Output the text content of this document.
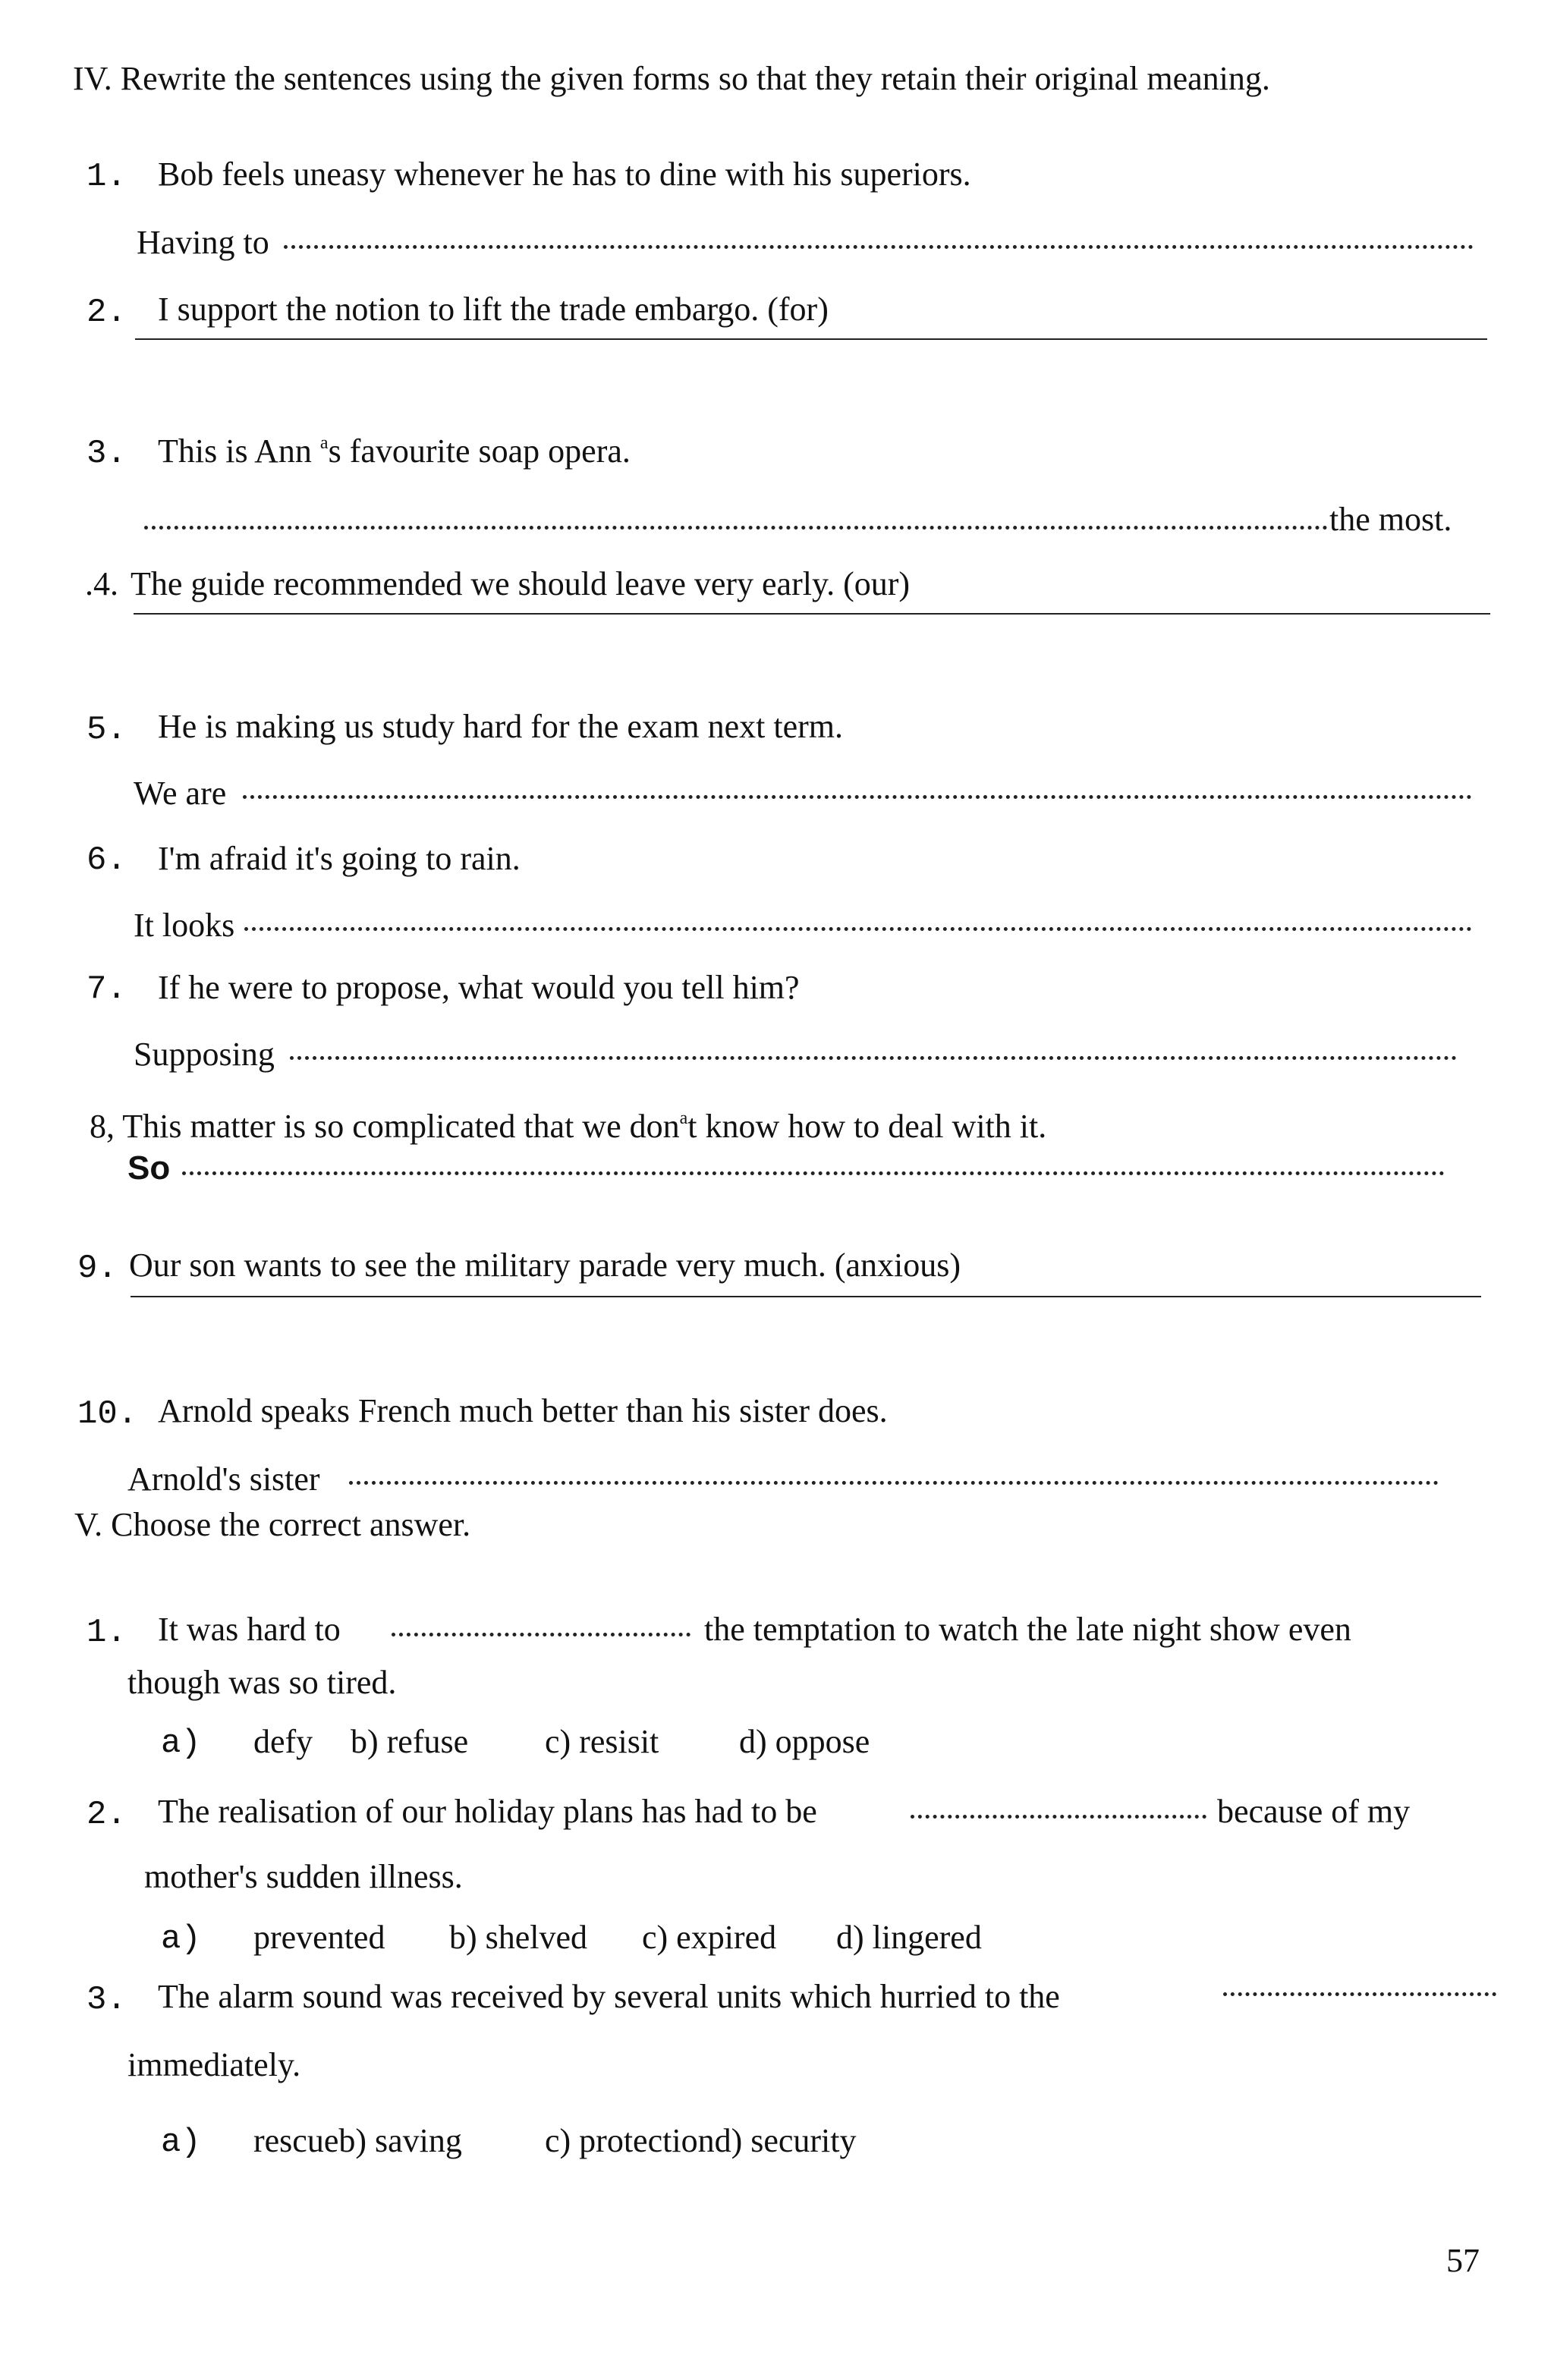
IV. Rewrite the sentences using the given forms so that they retain their original meaning.
1. Bob feels uneasy whenever he has to dine with his superiors.
Having to
2. I support the notion to lift the trade embargo. (for)
3. This is Ann $^a$s favourite soap opera.
the most.
.4. The guide recommended we should leave very early. (our)
5. He is making us study hard for the exam next term.
We are
6. I'm afraid it's going to rain.
It looks
7. If he were to propose, what would you tell him?
Supposing
8, This matter is so complicated that we don$^a$t know how to deal with it.
So
9. Our son wants to see the military parade very much. (anxious)
10. Arnold speaks French much better than his sister does.
Arnold's sister
V. Choose the correct answer.
1. It was hard to	the temptation to watch the late night show even
though was so tired.
a) defy b) refuse c) resisit d) oppose
2. The realisation of our holiday plans has had to be	because of my
mother's sudden illness.
a) prevented b) shelved c) expired d) lingered
3. The alarm sound was received by several units which hurried to the
immediately.
a) rescueb) saving c) protectiond) security
57
